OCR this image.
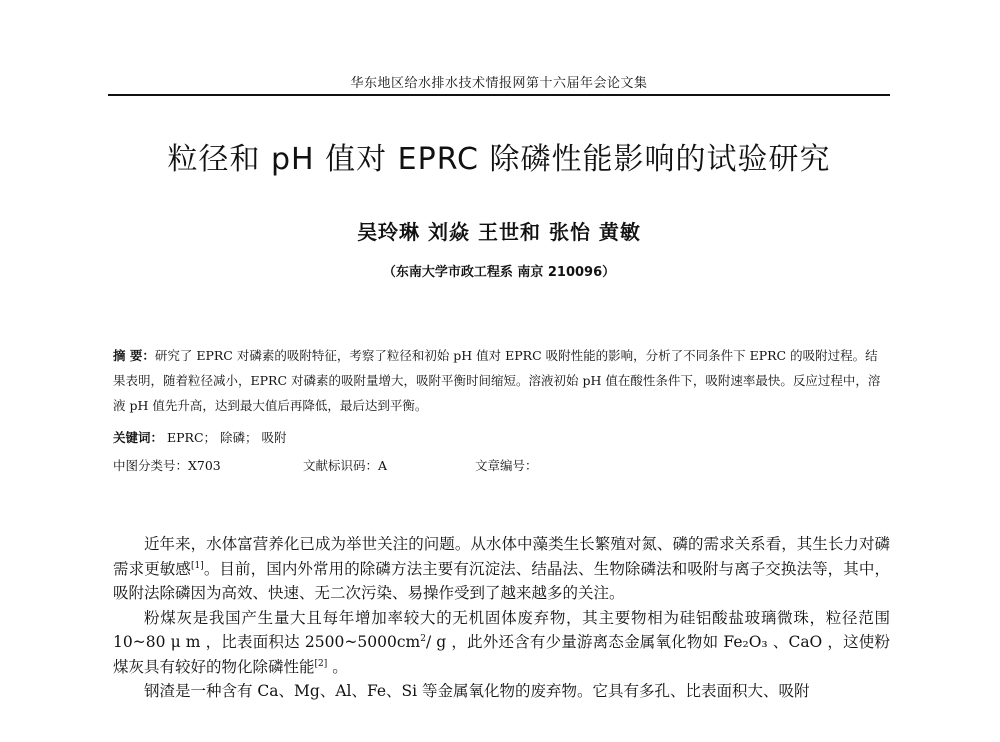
华东地区给水排水技术情报网第十六届年会论文集
粒径和 pH 值对 EPRC 除磷性能影响的试验研究
吴玲琳 刘焱 王世和 张怡 黄敏
（东南大学市政工程系 南京 210096）
摘 要：研究了 EPRC 对磷素的吸附特征，考察了粒径和初始 pH 值对 EPRC 吸附性能的影响，分析了不同条件下 EPRC 的吸附过程。结果表明，随着粒径减小，EPRC 对磷素的吸附量增大，吸附平衡时间缩短。溶液初始 pH 值在酸性条件下，吸附速率最快。反应过程中，溶液 pH 值先升高，达到最大值后再降低，最后达到平衡。
关键词： EPRC； 除磷； 吸附
中图分类号：X703	文献标识码：A	文章编号：

近年来，水体富营养化已成为举世关注的问题。从水体中藻类生长繁殖对氮、磷的需求关系看，其生长力对磷需求更敏感[1]。目前，国内外常用的除磷方法主要有沉淀法、结晶法、生物除磷法和吸附与离子交换法等，其中，吸附法除磷因为高效、快速、无二次污染、易操作受到了越来越多的关注。

粉煤灰是我国产生量大且每年增加率较大的无机固体废弃物，其主要物相为硅铝酸盐玻璃微珠，粒径范围 10~80 μ m ，比表面积达 $2500\sim 5000cm^2/$ g ，此外还含有少量游离态金属氧化物如 Fe₂O₃ 、CaO ，这使粉煤灰具有较好的物化除磷性能[2] 。

钢渣是一种含有 Ca、Mg、Al、Fe、Si 等金属氧化物的废弃物。它具有多孔、比表面积大、吸附
